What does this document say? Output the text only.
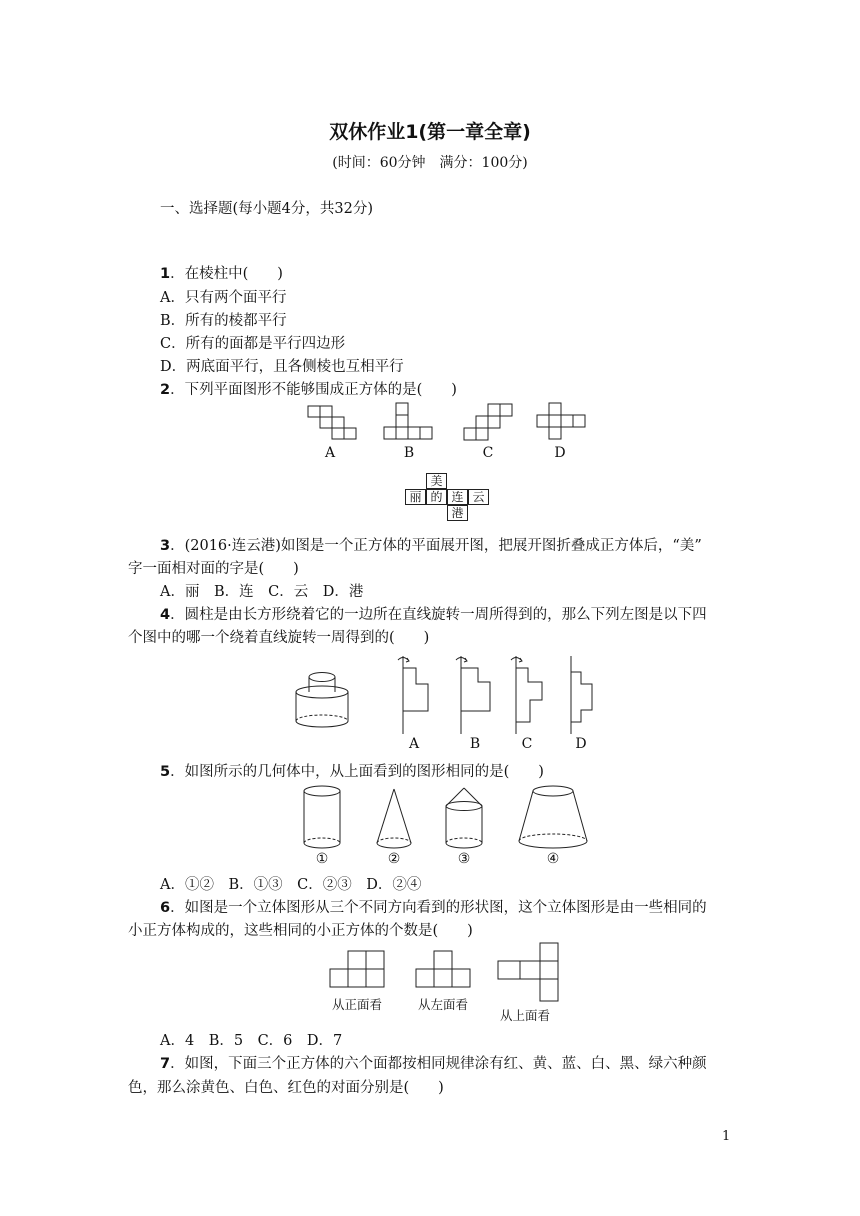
双休作业1(第一章全章)
(时间：60分钟　满分：100分)
一、选择题(每小题4分，共32分)
1．在棱柱中(　　)
A．只有两个面平行
B．所有的棱都平行
C．所有的面都是平行四边形
D．两底面平行，且各侧棱也互相平行
2．下列平面图形不能够围成正方体的是(　　)
A	B	C	D
美
丽 的 连 云
港
3．(2016·连云港)如图是一个正方体的平面展开图，把展开图折叠成正方体后，“美”
字一面相对面的字是(　　)
A．丽　B．连　C．云　D．港
4．圆柱是由长方形绕着它的一边所在直线旋转一周所得到的，那么下列左图是以下四
个图中的哪一个绕着直线旋转一周得到的(　　)
A	B	C	D
5．如图所示的几何体中，从上面看到的图形相同的是(　　)
①	②	③	④
A．①②　B．①③　C．②③　D．②④
6．如图是一个立体图形从三个不同方向看到的形状图，这个立体图形是由一些相同的
小正方体构成的，这些相同的小正方体的个数是(　　)
从正面看	从左面看
从上面看
A．4　B．5　C．6　D．7
7．如图，下面三个正方体的六个面都按相同规律涂有红、黄、蓝、白、黑、绿六种颜
色，那么涂黄色、白色、红色的对面分别是(　　)
1
